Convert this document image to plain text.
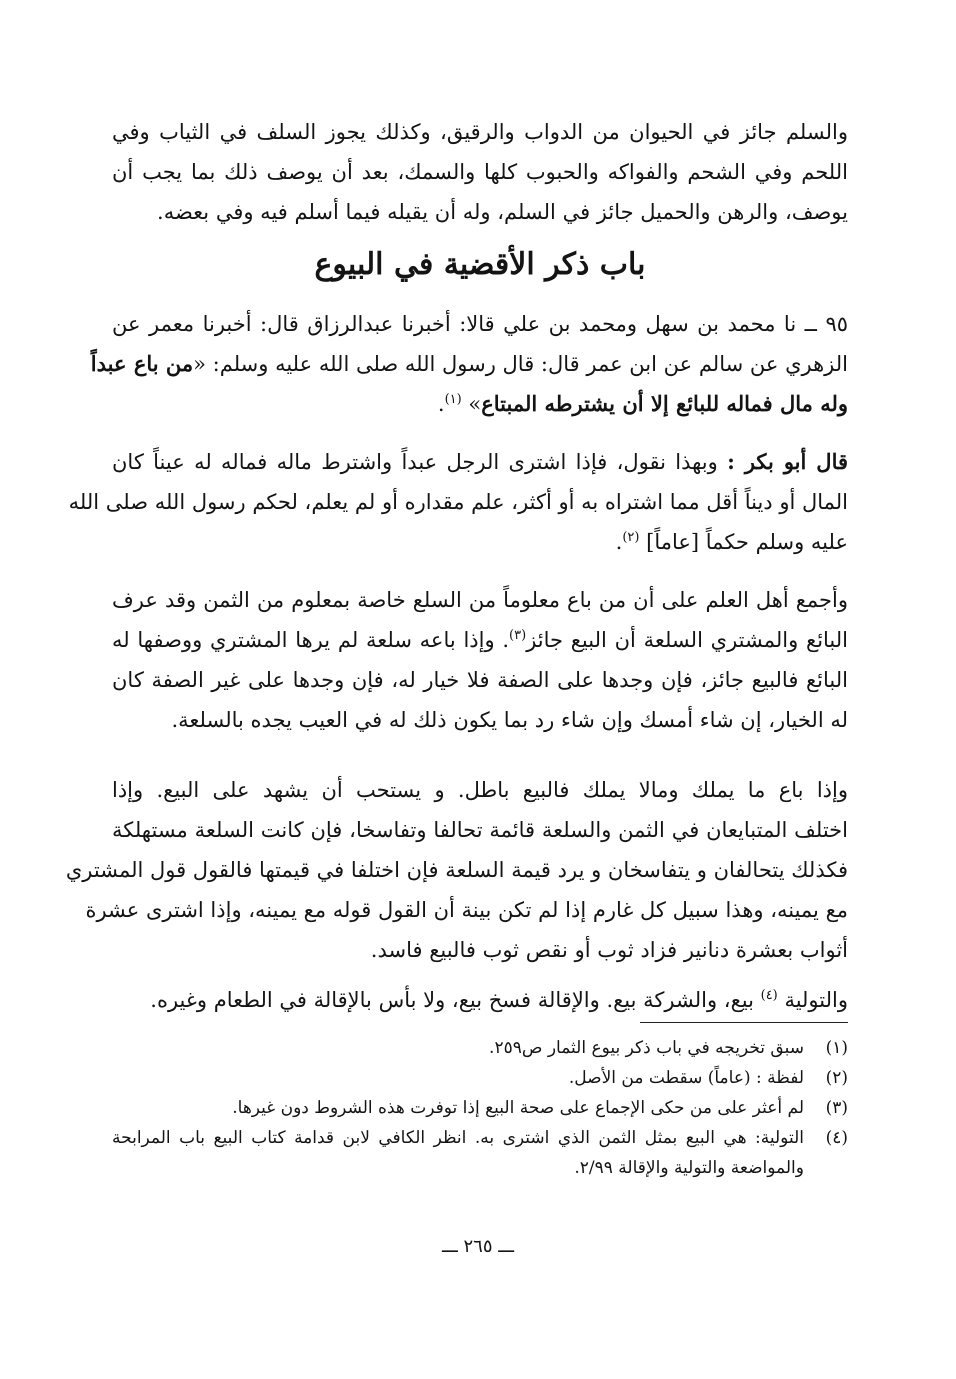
والسلم جائز في الحيوان من الدواب والرقيق، وكذلك يجوز السلف في الثياب وفي

اللحم وفي الشحم والفواكه والحبوب كلها والسمك، بعد أن يوصف ذلك بما يجب أن

يوصف، والرهن والحميل جائز في السلم، وله أن يقيله فيما أسلم فيه وفي بعضه.

باب ذكر الأقضية في البيوع

٩٥ ــ نا محمد بن سهل ومحمد بن علي قالا: أخبرنا عبدالرزاق قال: أخبرنا معمر عن

الزهري عن سالم عن ابن عمر قال: قال رسول الله صلى الله عليه وسلم: «من باع عبداً

وله مال فماله للبائع إلا أن يشترطه المبتاع» $^{(١)}$.

قال أبو بكر : وبهذا نقول، فإذا اشترى الرجل عبداً واشترط ماله فماله له عيناً كان

المال أو ديناً أقل مما اشتراه به أو أكثر، علم مقداره أو لم يعلم، لحكم رسول الله صلى الله

عليه وسلم حكماً [عاماً] $^{(٢)}$.

وأجمع أهل العلم على أن من باع معلوماً من السلع خاصة بمعلوم من الثمن وقد عرف

البائع والمشتري السلعة أن البيع جائز$^{(٣)}$. وإذا باعه سلعة لم يرها المشتري ووصفها له

البائع فالبيع جائز، فإن وجدها على الصفة فلا خيار له، فإن وجدها على غير الصفة كان

له الخيار، إن شاء أمسك وإن شاء رد بما يكون ذلك له في العيب يجده بالسلعة.

وإذا باع ما يملك ومالا يملك فالبيع باطل. و يستحب أن يشهد على البيع. وإذا

اختلف المتبايعان في الثمن والسلعة قائمة تحالفا وتفاسخا، فإن كانت السلعة مستهلكة

فكذلك يتحالفان و يتفاسخان و يرد قيمة السلعة فإن اختلفا في قيمتها فالقول قول المشتري

مع يمينه، وهذا سبيل كل غارم إذا لم تكن بينة أن القول قوله مع يمينه، وإذا اشترى عشرة

أثواب بعشرة دنانير فزاد ثوب أو نقص ثوب فالبيع فاسد.

والتولية $^{(٤)}$ بيع، والشركة بيع. والإقالة فسخ بيع، ولا بأس بالإقالة في الطعام وغيره.

(١)
سبق تخريجه في باب ذكر بيوع الثمار ص٢٥٩.
(٢)
لفظة : (عاماً) سقطت من الأصل.
(٣)
لم أعثر على من حكى الإجماع على صحة البيع إذا توفرت هذه الشروط دون غيرها.
(٤)
التولية: هي البيع بمثل الثمن الذي اشترى به. انظر الكافي لابن قدامة كتاب البيع باب المرابحة
والمواضعة والتولية والإقالة ٢/٩٩.
ـــ ٢٦٥ ـــ
